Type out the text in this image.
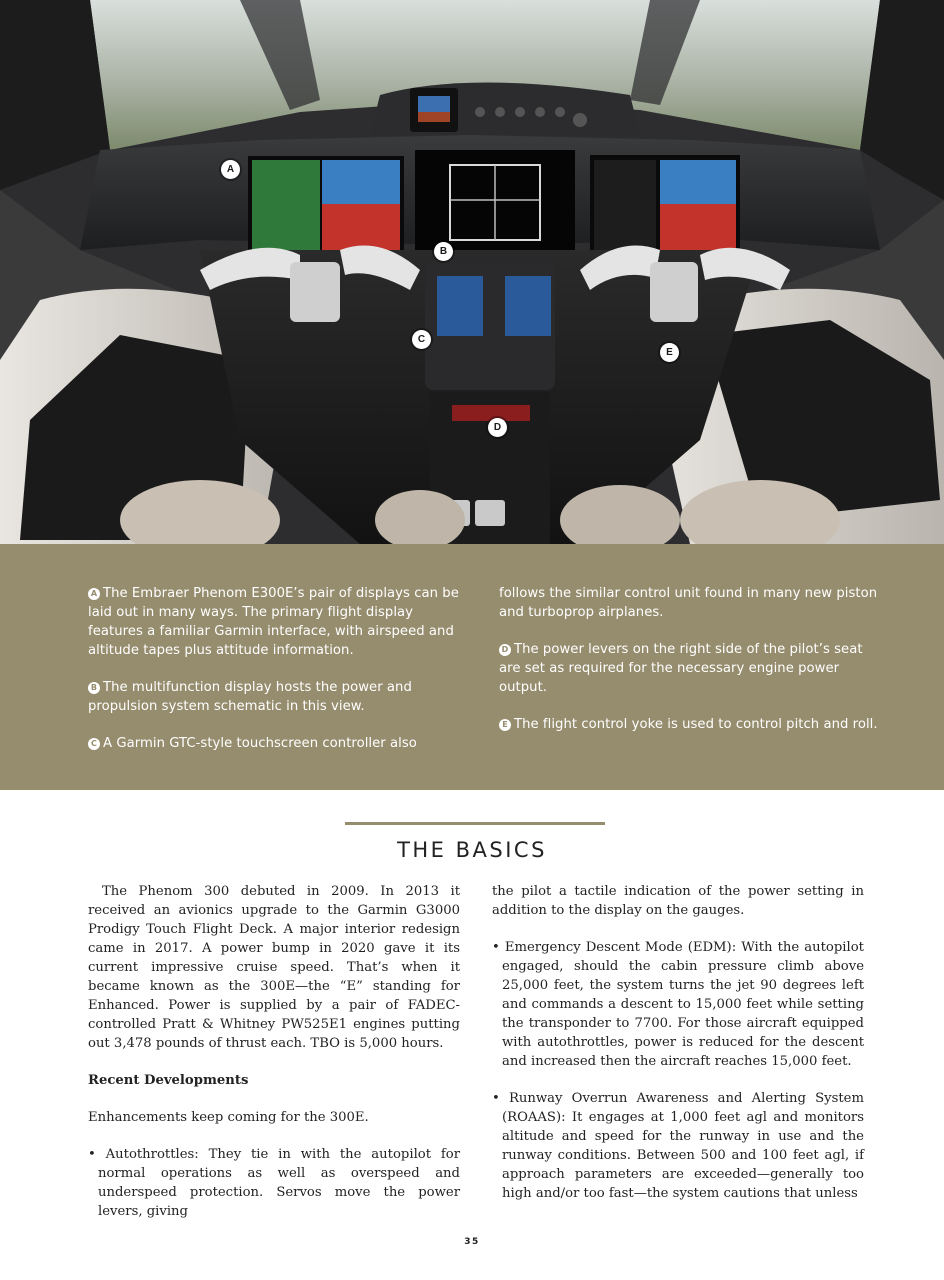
A
B
C
D
E

A The Embraer Phenom E300E’s pair of displays can be laid out in many ways. The primary flight display features a familiar Garmin interface, with airspeed and altitude tapes plus attitude information.

B The multifunction display hosts the power and propulsion system schematic in this view.

C A Garmin GTC-style touchscreen controller also

follows the similar control unit found in many new piston and turboprop airplanes.

D The power levers on the right side of the pilot’s seat are set as required for the necessary engine power output.

E The flight control yoke is used to control pitch and roll.

THE BASICS

The Phenom 300 debuted in 2009. In 2013 it received an avionics upgrade to the Garmin G3000 Prodigy Touch Flight Deck. A major interior redesign came in 2017. A power bump in 2020 gave it its current impressive cruise speed. That’s when it became known as the 300E—the “E” standing for Enhanced. Power is supplied by a pair of FADEC-controlled Pratt & Whitney PW525E1 engines putting out 3,478 pounds of thrust each. TBO is 5,000 hours.

Recent Developments

Enhancements keep coming for the 300E.

• Autothrottles: They tie in with the autopilot for normal operations as well as overspeed and underspeed protection. Servos move the power levers, giving

the pilot a tactile indication of the power setting in addition to the display on the gauges.

• Emergency Descent Mode (EDM): With the autopilot engaged, should the cabin pressure climb above 25,000 feet, the system turns the jet 90 degrees left and commands a descent to 15,000 feet while setting the transponder to 7700. For those aircraft equipped with autothrottles, power is reduced for the descent and increased then the aircraft reaches 15,000 feet.

• Runway Overrun Awareness and Alerting System (ROAAS): It engages at 1,000 feet agl and monitors altitude and speed for the runway in use and the runway conditions. Between 500 and 100 feet agl, if approach parameters are exceeded—generally too high and/or too fast—the system cautions that unless

35
